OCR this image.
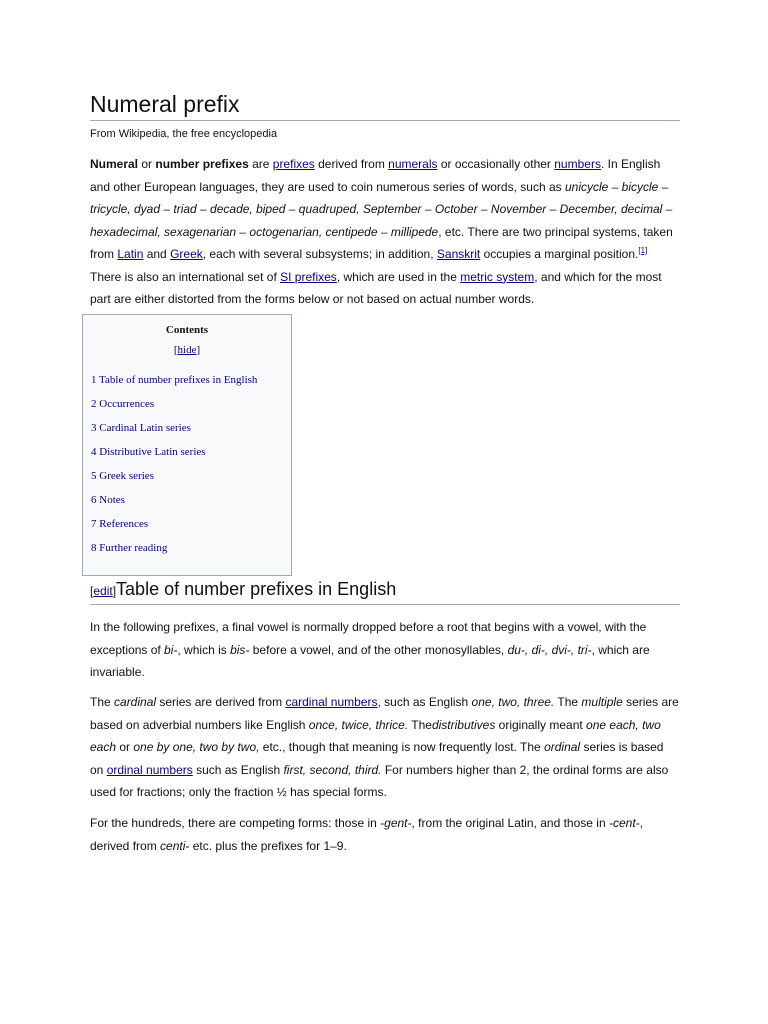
Numeral prefix
From Wikipedia, the free encyclopedia

Numeral or number prefixes are prefixes derived from numerals or occasionally other numbers. In English and other European languages, they are used to coin numerous series of words, such as unicycle – bicycle – tricycle, dyad – triad – decade, biped – quadruped, September – October – November – December, decimal – hexadecimal, sexagenarian – octogenarian, centipede – millipede, etc. There are two principal systems, taken from Latin and Greek, each with several subsystems; in addition, Sanskrit occupies a marginal position.[1] There is also an international set of SI prefixes, which are used in the metric system, and which for the most part are either distorted from the forms below or not based on actual number words.

Contents
[hide]
1 Table of number prefixes in English
2 Occurrences
3 Cardinal Latin series
4 Distributive Latin series
5 Greek series
6 Notes
7 References
8 Further reading
[edit]Table of number prefixes in English

In the following prefixes, a final vowel is normally dropped before a root that begins with a vowel, with the exceptions of bi-, which is bis- before a vowel, and of the other monosyllables, du-, di-, dvi-, tri-, which are invariable.

The cardinal series are derived from cardinal numbers, such as English one, two, three. The multiple series are based on adverbial numbers like English once, twice, thrice. Thedistributives originally meant one each, two each or one by one, two by two, etc., though that meaning is now frequently lost. The ordinal series is based on ordinal numbers such as English first, second, third. For numbers higher than 2, the ordinal forms are also used for fractions; only the fraction ½ has special forms.

For the hundreds, there are competing forms: those in -gent-, from the original Latin, and those in -cent-, derived from centi- etc. plus the prefixes for 1–9.
